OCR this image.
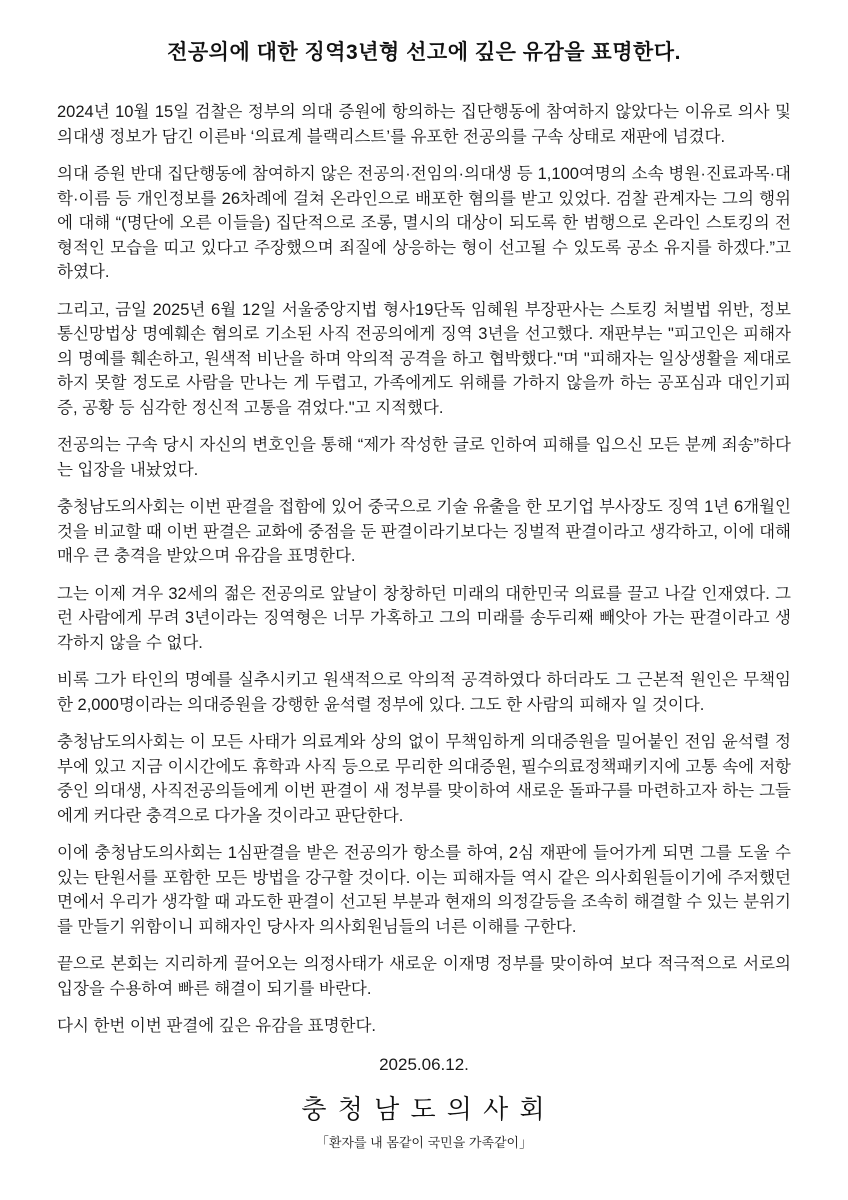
전공의에 대한 징역3년형 선고에 깊은 유감을 표명한다.

2024년 10월 15일 검찰은 정부의 의대 증원에 항의하는 집단행동에 참여하지 않았다는 이유로 의사 및 의대생 정보가 담긴 이른바 ‘의료계 블랙리스트’를 유포한 전공의를 구속 상태로 재판에 넘겼다.

의대 증원 반대 집단행동에 참여하지 않은 전공의·전임의·의대생 등 1,100여명의 소속 병원·진료과목·대학·이름 등 개인정보를 26차례에 걸쳐 온라인으로 배포한 혐의를 받고 있었다. 검찰 관계자는 그의 행위에 대해 “(명단에 오른 이들을) 집단적으로 조롱, 멸시의 대상이 되도록 한 범행으로 온라인 스토킹의 전형적인 모습을 띠고 있다고 주장했으며 죄질에 상응하는 형이 선고될 수 있도록 공소 유지를 하겠다.”고 하였다.

그리고, 금일 2025년 6월 12일 서울중앙지법 형사19단독 임혜원 부장판사는 스토킹 처벌법 위반, 정보통신망법상 명예훼손 혐의로 기소된 사직 전공의에게 징역 3년을 선고했다. 재판부는 "피고인은 피해자의 명예를 훼손하고, 원색적 비난을 하며 악의적 공격을 하고 협박했다."며 "피해자는 일상생활을 제대로 하지 못할 정도로 사람을 만나는 게 두렵고, 가족에게도 위해를 가하지 않을까 하는 공포심과 대인기피증, 공황 등 심각한 정신적 고통을 겪었다."고 지적했다.

전공의는 구속 당시 자신의 변호인을 통해 “제가 작성한 글로 인하여 피해를 입으신 모든 분께 죄송”하다는 입장을 내놨었다.

충청남도의사회는 이번 판결을 접함에 있어 중국으로 기술 유출을 한 모기업 부사장도 징역 1년 6개월인 것을 비교할 때 이번 판결은 교화에 중점을 둔 판결이라기보다는 징벌적 판결이라고 생각하고, 이에 대해 매우 큰 충격을 받았으며 유감을 표명한다.

그는 이제 겨우 32세의 젊은 전공의로 앞날이 창창하던 미래의 대한민국 의료를 끌고 나갈 인재였다. 그런 사람에게 무려 3년이라는 징역형은 너무 가혹하고 그의 미래를 송두리째 빼앗아 가는 판결이라고 생각하지 않을 수 없다.

비록 그가 타인의 명예를 실추시키고 원색적으로 악의적 공격하였다 하더라도 그 근본적 원인은 무책임한 2,000명이라는 의대증원을 강행한 윤석렬 정부에 있다. 그도 한 사람의 피해자 일 것이다.

충청남도의사회는 이 모든 사태가 의료계와 상의 없이 무책임하게 의대증원을 밀어붙인 전임 윤석렬 정부에 있고 지금 이시간에도 휴학과 사직 등으로 무리한 의대증원, 필수의료정책패키지에 고통 속에 저항 중인 의대생, 사직전공의들에게 이번 판결이 새 정부를 맞이하여 새로운 돌파구를 마련하고자 하는 그들에게 커다란 충격으로 다가올 것이라고 판단한다.

이에 충청남도의사회는 1심판결을 받은 전공의가 항소를 하여, 2심 재판에 들어가게 되면 그를 도울 수 있는 탄원서를 포함한 모든 방법을 강구할 것이다. 이는 피해자들 역시 같은 의사회원들이기에 주저했던 면에서 우리가 생각할 때 과도한 판결이 선고된 부분과 현재의 의정갈등을 조속히 해결할 수 있는 분위기를 만들기 위함이니 피해자인 당사자 의사회원님들의 너른 이해를 구한다.

끝으로 본회는 지리하게 끌어오는 의정사태가 새로운 이재명 정부를 맞이하여 보다 적극적으로 서로의 입장을 수용하여 빠른 해결이 되기를 바란다.

다시 한번 이번 판결에 깊은 유감을 표명한다.

2025.06.12.
충 청 남 도 의 사 회
「환자를 내 몸같이 국민을 가족같이」
